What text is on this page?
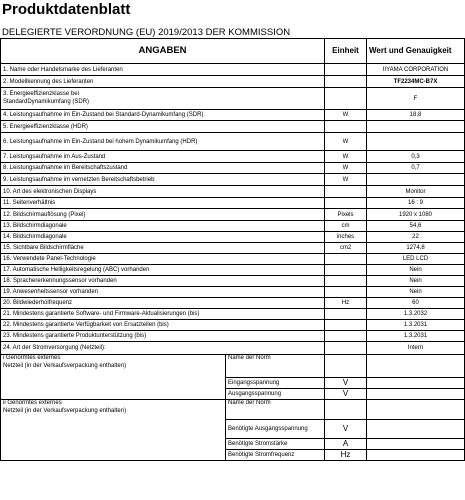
Produktdatenblatt
DELEGIERTE VERORDNUNG (EU) 2019/2013 DER KOMMISSION
ANGABEN		Einheit	Wert und Genauigkeit
1. Name oder Handelsmarke des Lieferanten			IIYAMA CORPORATION
2. Modellkennung des Lieferanten			TF2234MC-B7X
3. Energieeffizienzklasse bei
StandardDynamikumfang (SDR)			F
4. Leistungsaufnahme im Ein-Zustand bei Standard-Dynamikumfang (SDR)		W	18,8
5. Energieeffizienzklasse (HDR)			
6. Leistungsaufnahme im Ein-Zustand bei hohem Dynamikumfang (HDR)		W	
7. Leistungsaufnahme im Aus-Zustand		W	0,3
8. Leistungsaufnahme im Bereitschaftszustand		W	0,7
9. Leistungsaufnahme im vernetzten Bereitschaftsbetrieb		W	
10. Art des elektronischen Displays			Monitor
11. Seitenverhältnis			16 : 9
12. Bildschirmauflösung (Pixel)		Pixels	1920 x 1080
13. Bildschirmdiagonale		cm	54,6
14. Bildschirmdiagonale		inches	22
15. Sichtbare Bildschirmfläche		cm2	1274,8
16. Verwendete Panel-Technologie			LED LCD
17. Automatische Helligkeitsregelung (ABC) vorhanden			Nein
18. Sprachererkennungssensor vorhanden			Nein
19. Anwesenheitssensor vorhanden			Nein
20. Bildwiederholfrequenz		Hz	60
21. Mindestens garantierte Software- und Firmware-Aktualisierungen (bis)			1.3.2032
22. Mindestens garantierte Verfügbarkeit von Ersatzteilen (bis)			1.3.2031
23. Mindestens garantierte Produktunterstützung (bis)			1.3.2031
24. Art der Stromversorgung (Netzteil):			Intern
i Genormtes externes
Netzteil (in der Verkaufsverpackung enthalten)	Name der Norm		
	Eingangsspannung	V	
	Ausgangsspannung	V	
ii Genormtes externes
Netzteil (in der Verkaufsverpackung enthalten)	Name der Norm		
	Benötigte Ausgangsspannung	V	
	Benötigte Stromstärke	A	
	Benötigte Stromfrequenz	Hz	
